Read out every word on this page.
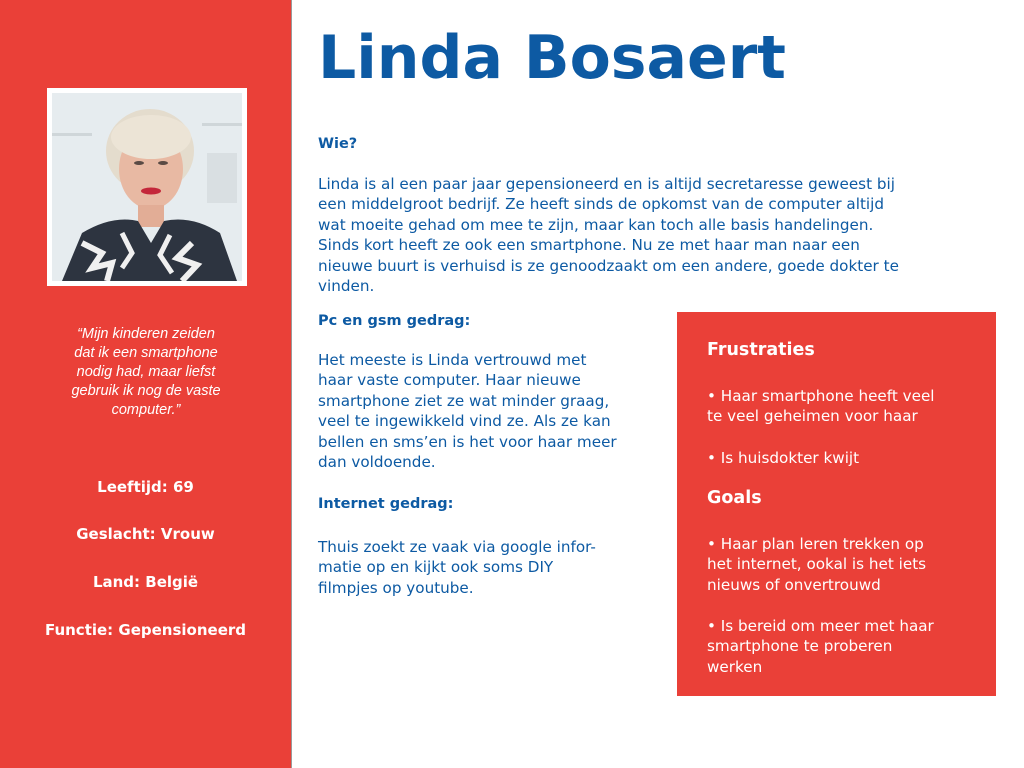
“Mijn kinderen zeiden
dat ik een smartphone
nodig had, maar liefst
gebruik ik nog de vaste
computer.”
Leeftijd: 69
Geslacht: Vrouw
Land: België
Functie: Gepensioneerd
Linda Bosaert
Wie?
Linda is al een paar jaar gepensioneerd en is altijd secretaresse geweest bij
een middelgroot bedrijf. Ze heeft sinds de opkomst van de computer altijd
wat moeite gehad om mee te zijn, maar kan toch alle basis handelingen.
Sinds kort heeft ze ook een smartphone. Nu ze met haar man naar een
nieuwe buurt is verhuisd is ze genoodzaakt om een andere, goede dokter te
vinden.
Pc en gsm gedrag:
Het meeste is Linda vertrouwd met
haar vaste computer. Haar nieuwe
smartphone ziet ze wat minder graag,
veel te ingewikkeld vind ze. Als ze kan
bellen en sms’en is het voor haar meer
dan voldoende.
Internet gedrag:
Thuis zoekt ze vaak via google infor-
matie op en kijkt ook soms DIY
filmpjes op youtube.
Frustraties
• Haar smartphone heeft veel
te veel geheimen voor haar
• Is huisdokter kwijt
Goals
• Haar plan leren trekken op
het internet, ookal is het iets
nieuws of onvertrouwd
• Is bereid om meer met haar
smartphone te proberen
werken
